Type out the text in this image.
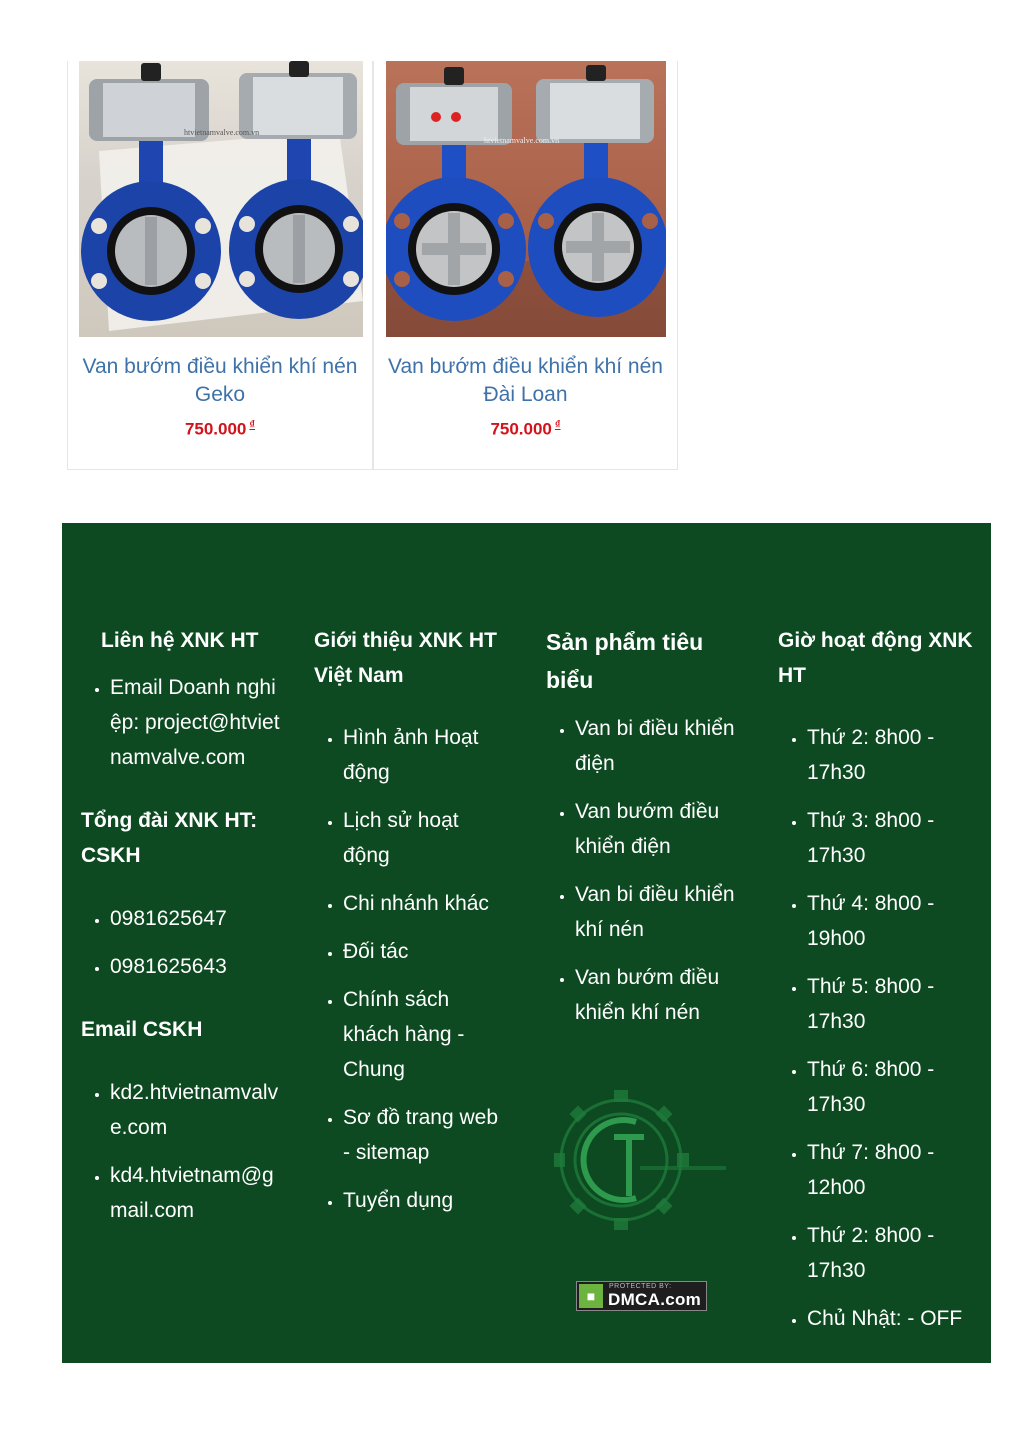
htvietnamvalve.com.vn
Van bướm điều khiển khí nén Geko
750.000 ₫
htvietnamvalve.com.vn
Van bướm điều khiển khí nén Đài Loan
750.000 ₫
Liên hệ XNK HT
• Email Doanh nghiệp: project@htvietnamvalve.com
Tổng đài XNK HT: CSKH
• 0981625647
• 0981625643
Email CSKH
• kd2.htvietnamvalve.com
• kd4.htvietnam@gmail.com
Giới thiệu XNK HT Việt Nam
• Hình ảnh Hoạt động
• Lịch sử hoạt động
• Chi nhánh khác
• Đối tác
• Chính sách khách hàng - Chung
• Sơ đồ trang web - sitemap
• Tuyển dụng
Sản phẩm tiêu biểu
• Van bi điều khiển điện
• Van bướm điều khiển điện
• Van bi điều khiển khí nén
• Van bướm điều khiển khí nén
■
PROTECTED BY:
DMCA.com
Giờ hoạt động XNK HT
• Thứ 2: 8h00 - 17h30
• Thứ 3: 8h00 - 17h30
• Thứ 4: 8h00 - 19h00
• Thứ 5: 8h00 - 17h30
• Thứ 6: 8h00 - 17h30
• Thứ 7: 8h00 - 12h00
• Thứ 2: 8h00 - 17h30
• Chủ Nhật: - OFF
